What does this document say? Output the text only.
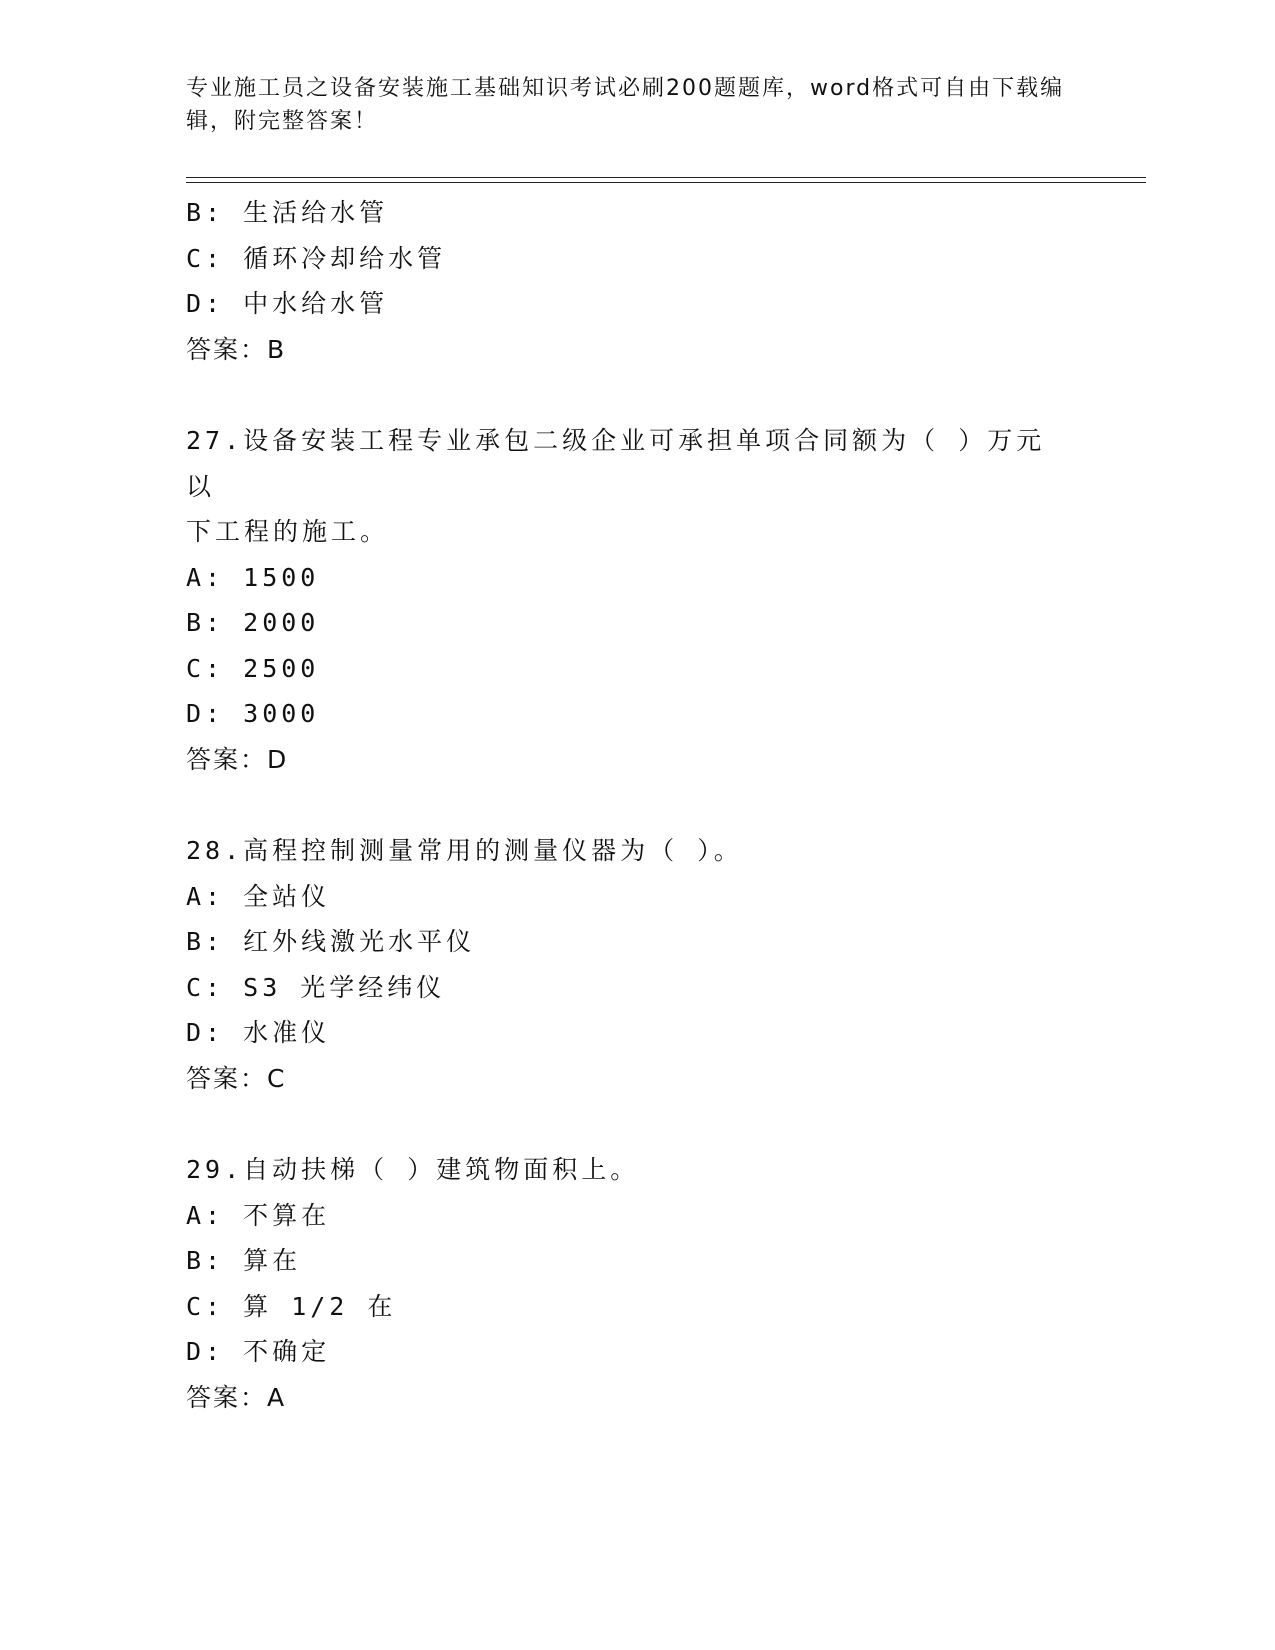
专业施工员之设备安装施工基础知识考试必刷200题题库，word格式可自由下载编辑，附完整答案！
B: 生活给水管
C: 循环冷却给水管
D: 中水给水管
答案：B
27.设备安装工程专业承包二级企业可承担单项合同额为（ ）万元以
下工程的施工。
A: 1500
B: 2000
C: 2500
D: 3000
答案：D
28.高程控制测量常用的测量仪器为（ ）。
A: 全站仪
B: 红外线激光水平仪
C: S3 光学经纬仪
D: 水准仪
答案：C
29.自动扶梯（ ）建筑物面积上。
A: 不算在
B: 算在
C: 算 1/2 在
D: 不确定
答案：A
